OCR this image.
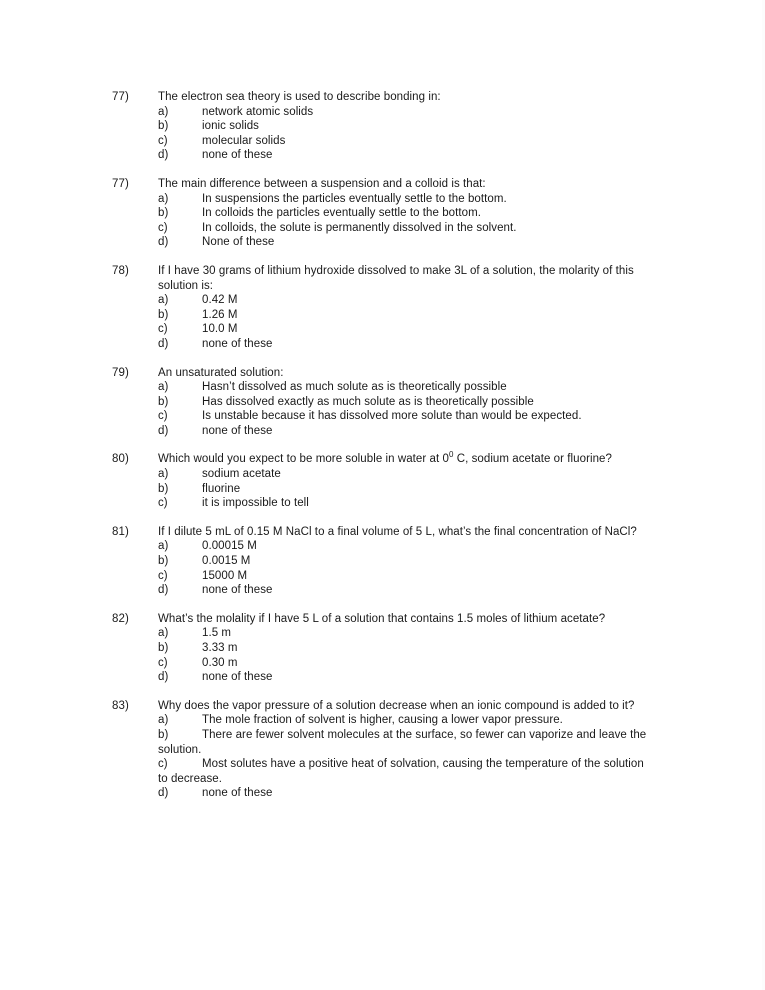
77)	The electron sea theory is used to describe bonding in:
a)	network atomic solids
b)	ionic solids
c)	molecular solids
d)	none of these
77)	The main difference between a suspension and a colloid is that:
a)	In suspensions the particles eventually settle to the bottom.
b)	In colloids the particles eventually settle to the bottom.
c)	In colloids, the solute is permanently dissolved in the solvent.
d)	None of these
78)	If I have 30 grams of lithium hydroxide dissolved to make 3L of a solution, the molarity of this solution is:
a)	0.42 M
b)	1.26 M
c)	10.0 M
d)	none of these
79)	An unsaturated solution:
a)	Hasn’t dissolved as much solute as is theoretically possible
b)	Has dissolved exactly as much solute as is theoretically possible
c)	Is unstable because it has dissolved more solute than would be expected.
d)	none of these
80)	Which would you expect to be more soluble in water at $0^0$ C, sodium acetate or fluorine?
a)	sodium acetate
b)	fluorine
c)	it is impossible to tell
81)	If I dilute 5 mL of 0.15 M NaCl to a final volume of 5 L, what’s the final concentration of NaCl?
a)	0.00015 M
b)	0.0015 M
c)	15000 M
d)	none of these
82)	What’s the molality if I have 5 L of a solution that contains 1.5 moles of lithium acetate?
a)	1.5 m
b)	3.33 m
c)	0.30 m
d)	none of these
83)	Why does the vapor pressure of a solution decrease when an ionic compound is added to it?
a)	The mole fraction of solvent is higher, causing a lower vapor pressure.
b)	There are fewer solvent molecules at the surface, so fewer can vaporize and leave the solution.
c)	Most solutes have a positive heat of solvation, causing the temperature of the solution to decrease.
d)	none of these
